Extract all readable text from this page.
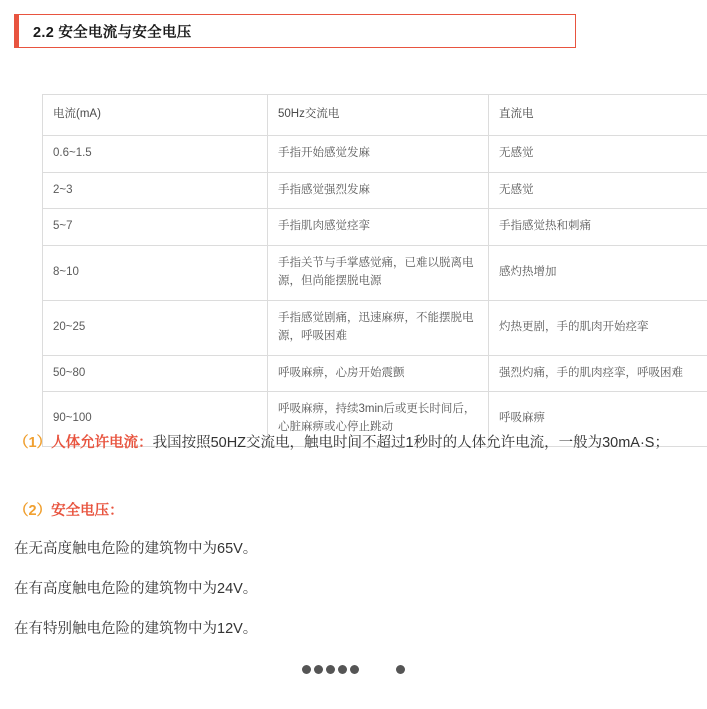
2.2 安全电流与安全电压
电流(mA)	50Hz交流电	直流电
0.6~1.5	手指开始感觉发麻	无感觉
2~3	手指感觉强烈发麻	无感觉
5~7	手指肌肉感觉痉挛	手指感觉热和刺痛
8~10	手指关节与手掌感觉痛，已难以脱离电源，但尚能摆脱电源	感灼热增加
20~25	手指感觉剧痛，迅速麻痹，不能摆脱电源，呼吸困难	灼热更剧，手的肌肉开始痉挛
50~80	呼吸麻痹，心房开始震颤	强烈灼痛，手的肌肉痉挛，呼吸困难
90~100	呼吸麻痹，持续3min后或更长时间后，心脏麻痹或心停止跳动	呼吸麻痹
（1）人体允许电流：我国按照50HZ交流电，触电时间不超过1秒时的人体允许电流，一般为30mA·S；
（2）安全电压：
在无高度触电危险的建筑物中为65V。
在有高度触电危险的建筑物中为24V。
在有特别触电危险的建筑物中为12V。
